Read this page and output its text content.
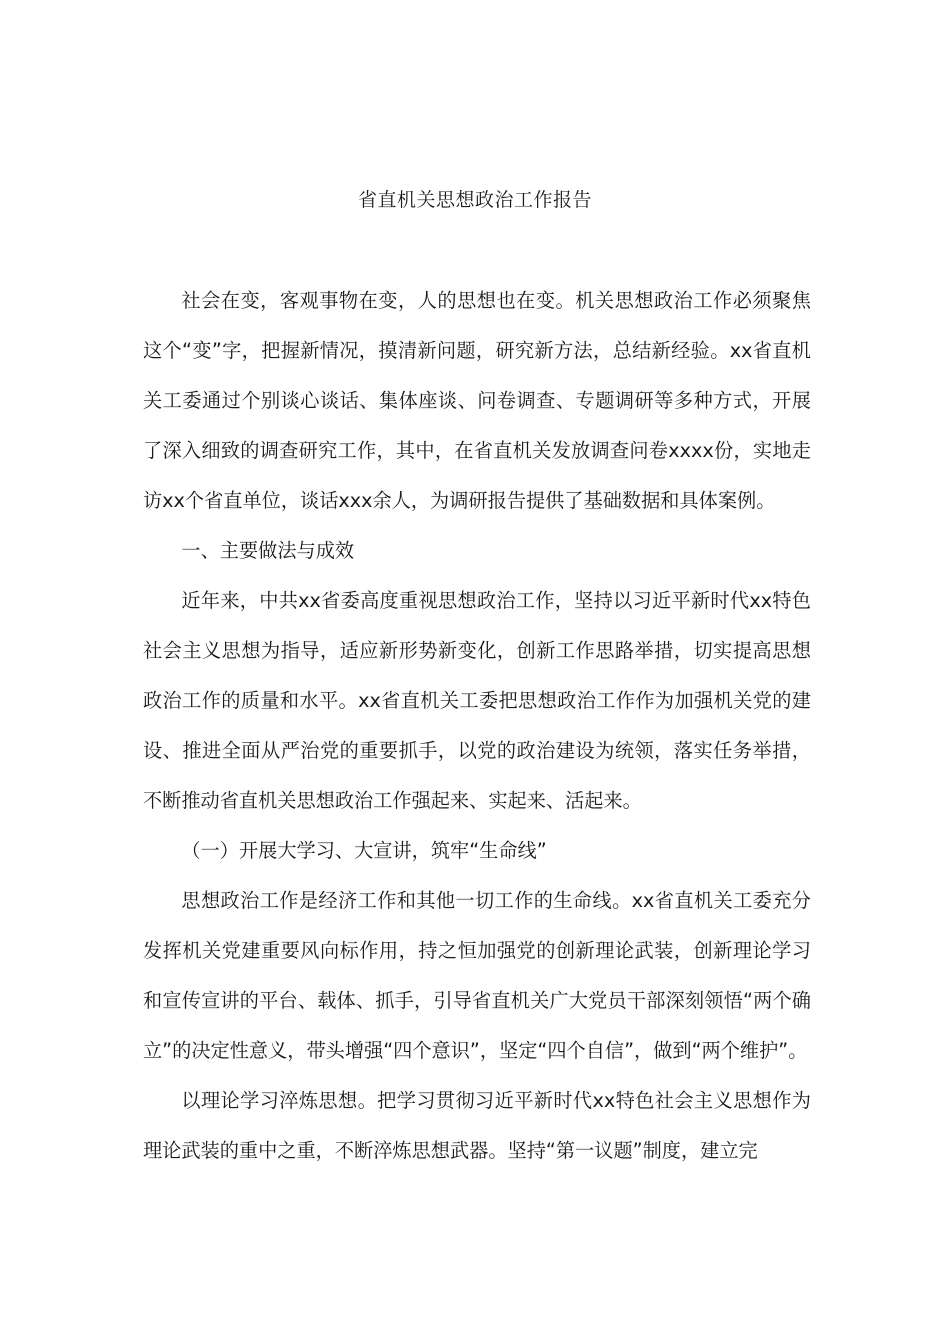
省直机关思想政治工作报告

社会在变，客观事物在变，人的思想也在变。机关思想政治工作必须聚焦这个“变”字，把握新情况，摸清新问题，研究新方法，总结新经验。xx省直机关工委通过个别谈心谈话、集体座谈、问卷调查、专题调研等多种方式，开展了深入细致的调查研究工作，其中，在省直机关发放调查问卷xxxx份，实地走访xx个省直单位，谈话xxx余人，为调研报告提供了基础数据和具体案例。

一、主要做法与成效

近年来，中共xx省委高度重视思想政治工作，坚持以习近平新时代xx特色社会主义思想为指导，适应新形势新变化，创新工作思路举措，切实提高思想政治工作的质量和水平。xx省直机关工委把思想政治工作作为加强机关党的建设、推进全面从严治党的重要抓手，以党的政治建设为统领，落实任务举措，不断推动省直机关思想政治工作强起来、实起来、活起来。

（一）开展大学习、大宣讲，筑牢“生命线”

思想政治工作是经济工作和其他一切工作的生命线。xx省直机关工委充分发挥机关党建重要风向标作用，持之恒加强党的创新理论武装，创新理论学习和宣传宣讲的平台、载体、抓手，引导省直机关广大党员干部深刻领悟“两个确立”的决定性意义，带头增强“四个意识”，坚定“四个自信”，做到“两个维护”。

以理论学习淬炼思想。把学习贯彻习近平新时代xx特色社会主义思想作为理论武装的重中之重，不断淬炼思想武器。坚持“第一议题”制度，建立完
